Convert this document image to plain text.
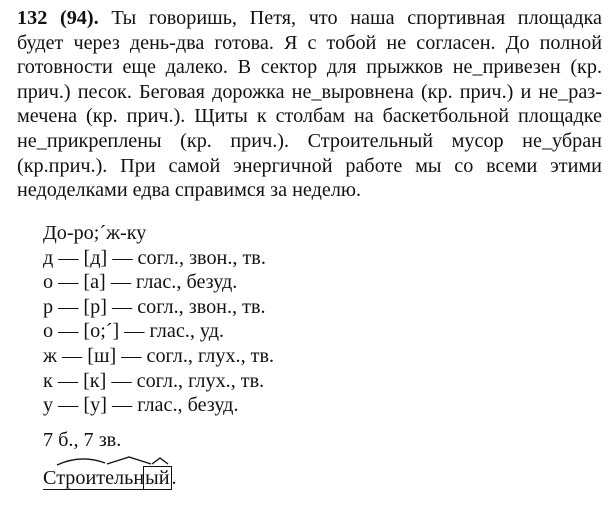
132 (94). Ты говоришь, Петя, что наша спортивная площадка
будет через день-два готова. Я с тобой не согласен. До полной
готовности еще далеко. В сектор для прыжков не_привезен (кр.
прич.) песок. Беговая дорожка не_выровнена (кр. прич.) и не_раз-
мечена (кр. прич.). Щиты к столбам на баскетбольной площадке
не_прикреплены (кр. прич.). Строительный мусор не_убран
(кр.прич.). При самой энергичной работе мы со всеми этими
недоделками едва справимся за неделю.
До-ро;´ж-ку
д — [д] — согл., звон., тв.
о — [а] — глас., безуд.
р — [р] — согл., звон., тв.
о — [о;´] — глас., уд.
ж — [ш] — согл., глух., тв.
к — [к] — согл., глух., тв.
у — [у] — глас., безуд.
7 б., 7 зв.
Строительный.
